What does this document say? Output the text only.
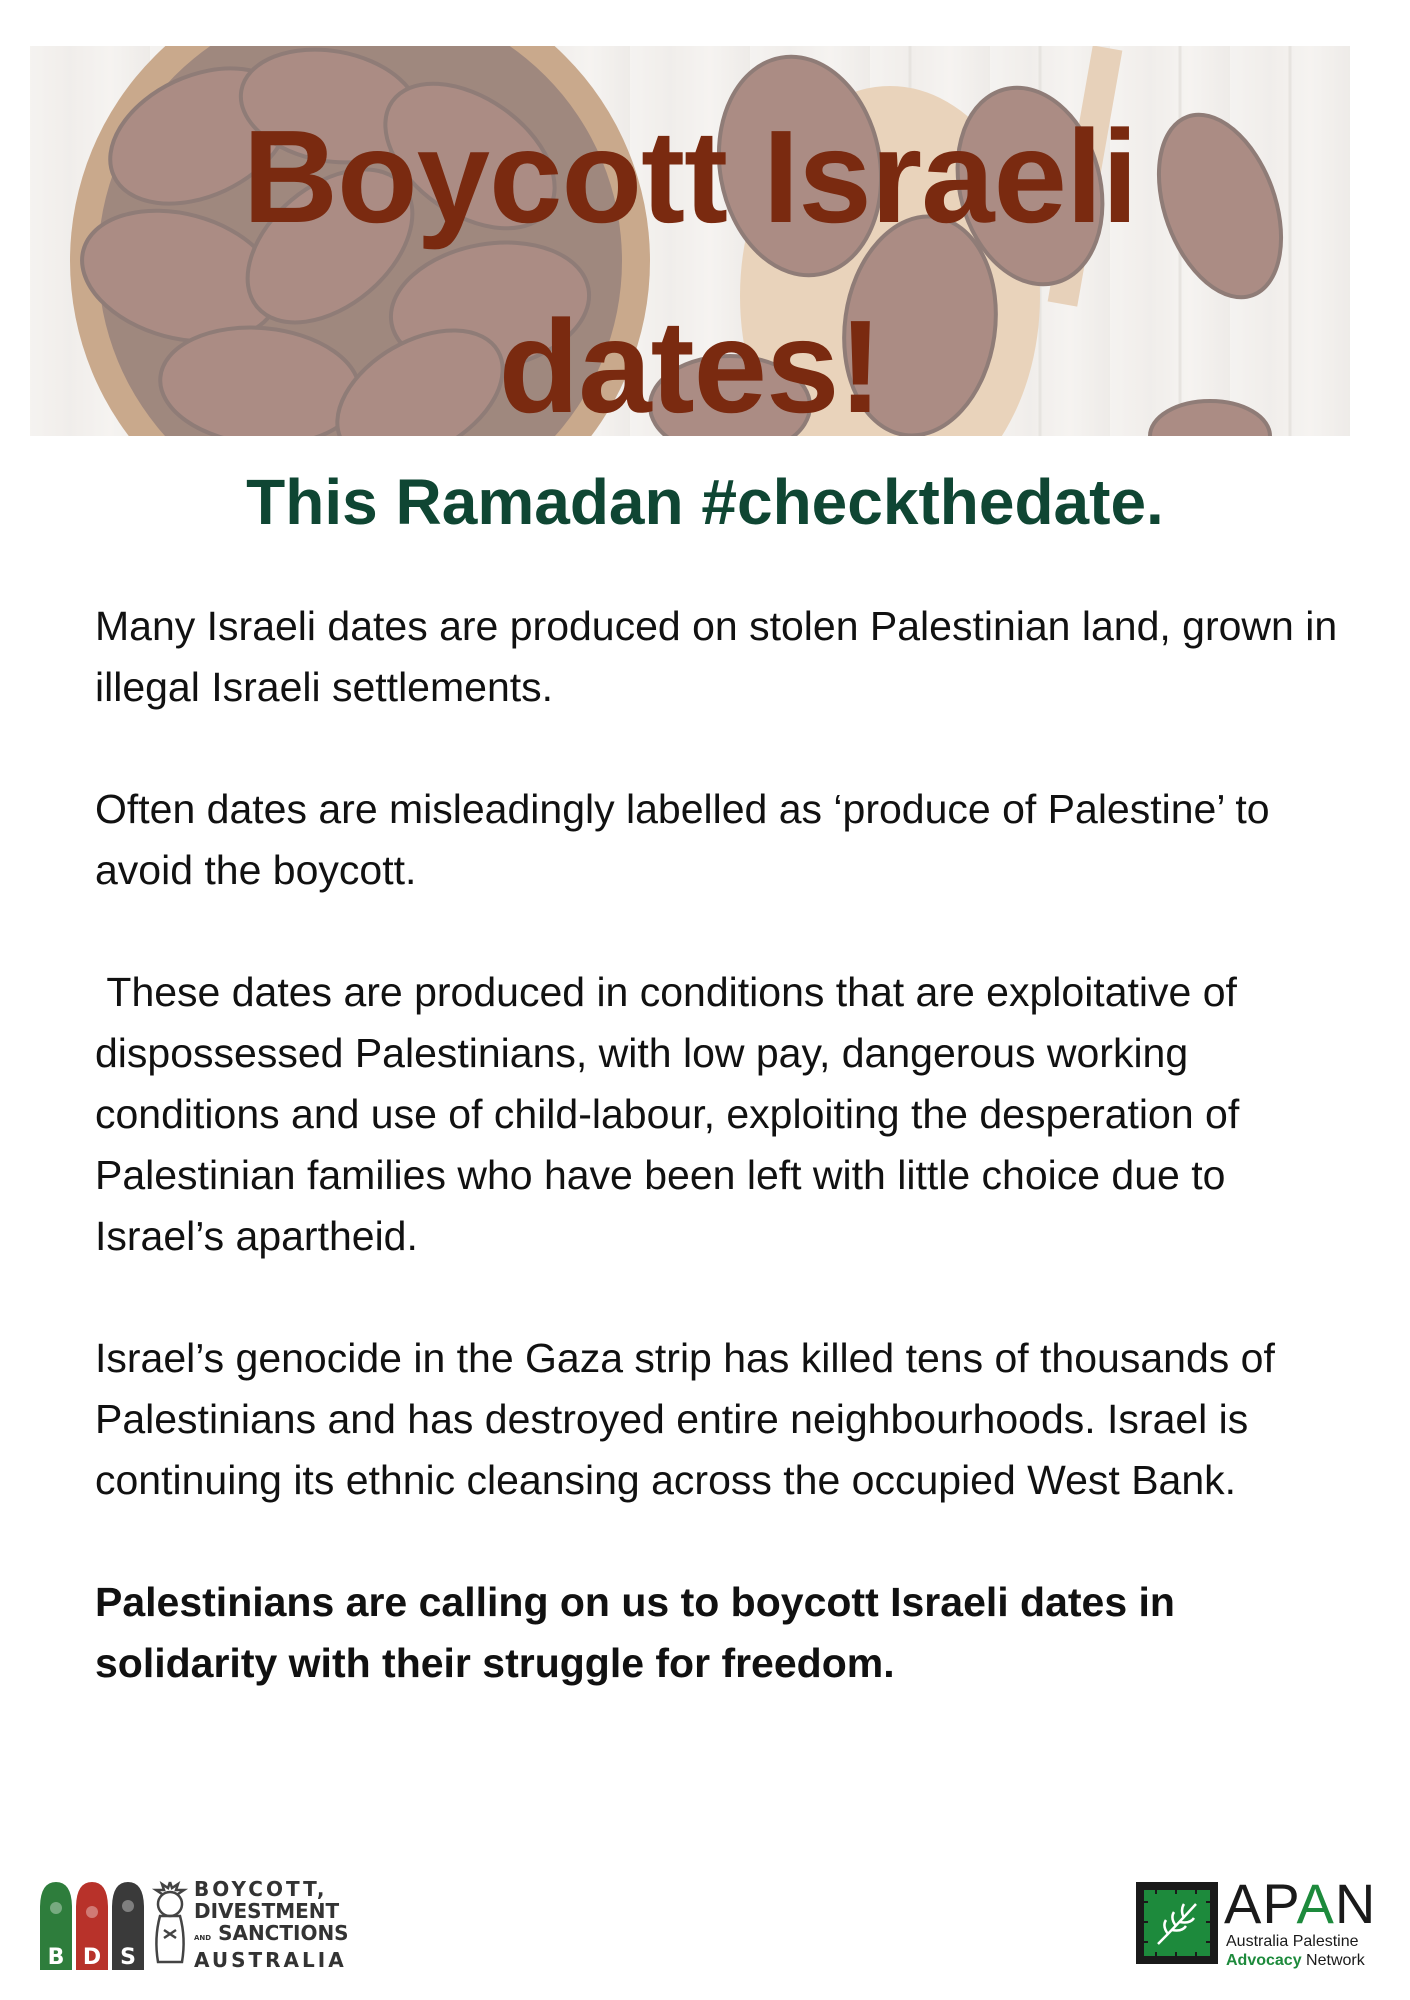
Boycott Israeli
dates!
This Ramadan #checkthedate.

Many Israeli dates are produced on stolen Palestinian land, grown in illegal Israeli settlements.

Often dates are misleadingly labelled as ‘produce of Palestine’ to avoid the boycott.

These dates are produced in conditions that are exploitative of dispossessed Palestinians, with low pay, dangerous working conditions and use of child-labour, exploiting the desperation of Palestinian families who have been left with little choice due to Israel’s apartheid.

Israel’s genocide in the Gaza strip has killed tens of thousands of Palestinians and has destroyed entire neighbourhoods. Israel is continuing its ethnic cleansing across the occupied West Bank.

Palestinians are calling on us to boycott Israeli dates in solidarity with their struggle for freedom.

B D S
BOYCOTT,
DIVESTMENT
AND SANCTIONS
AUSTRALIA
APAN
Australia Palestine
Advocacy Network
